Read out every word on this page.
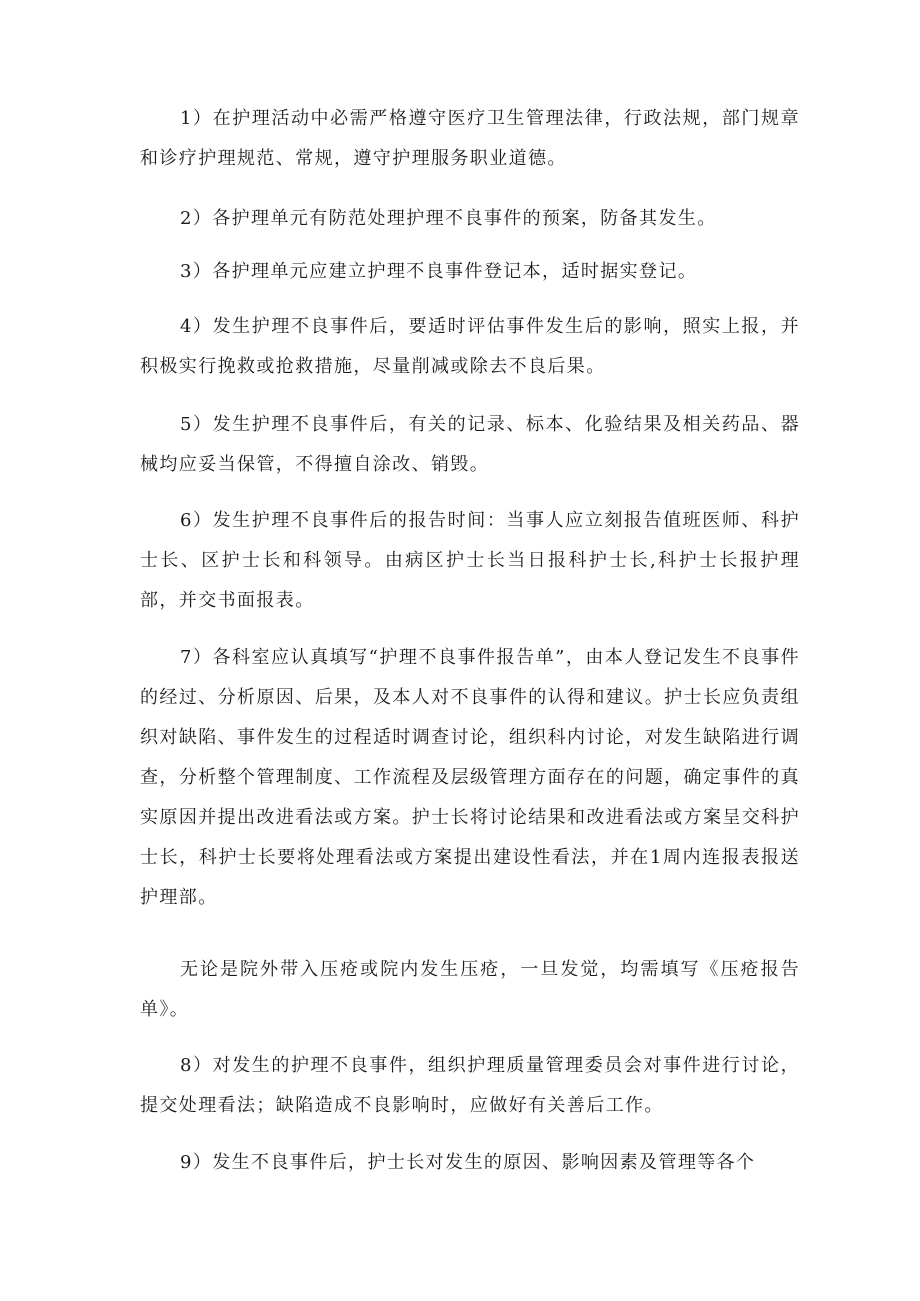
1）在护理活动中必需严格遵守医疗卫生管理法律，行政法规，部门规章和诊疗护理规范、常规，遵守护理服务职业道德。

2）各护理单元有防范处理护理不良事件的预案，防备其发生。

3）各护理单元应建立护理不良事件登记本，适时据实登记。

4）发生护理不良事件后，要适时评估事件发生后的影响，照实上报，并积极实行挽救或抢救措施，尽量削减或除去不良后果。

5）发生护理不良事件后，有关的记录、标本、化验结果及相关药品、器械均应妥当保管，不得擅自涂改、销毁。

6）发生护理不良事件后的报告时间：当事人应立刻报告值班医师、科护士长、区护士长和科领导。由病区护士长当日报科护士长,科护士长报护理部，并交书面报表。

7）各科室应认真填写“护理不良事件报告单”，由本人登记发生不良事件的经过、分析原因、后果，及本人对不良事件的认得和建议。护士长应负责组织对缺陷、事件发生的过程适时调查讨论，组织科内讨论，对发生缺陷进行调查，分析整个管理制度、工作流程及层级管理方面存在的问题，确定事件的真实原因并提出改进看法或方案。护士长将讨论结果和改进看法或方案呈交科护士长，科护士长要将处理看法或方案提出建设性看法，并在1周内连报表报送护理部。

无论是院外带入压疮或院内发生压疮，一旦发觉，均需填写《压疮报告单》。

8）对发生的护理不良事件，组织护理质量管理委员会对事件进行讨论，提交处理看法；缺陷造成不良影响时，应做好有关善后工作。

9）发生不良事件后，护士长对发生的原因、影响因素及管理等各个
